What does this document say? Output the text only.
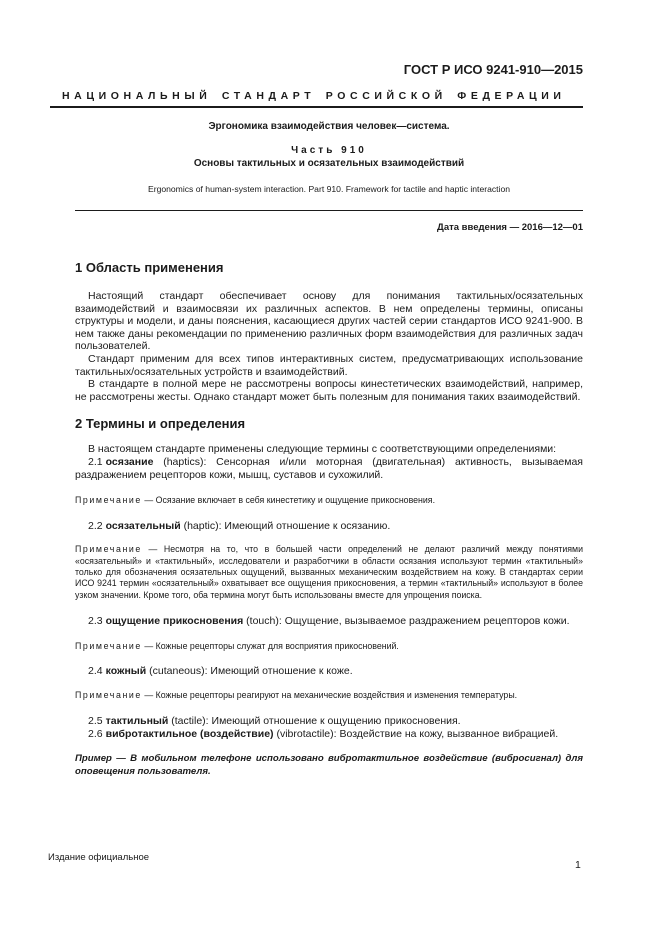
ГОСТ Р ИСО 9241-910—2015
НАЦИОНАЛЬНЫЙ СТАНДАРТ РОССИЙСКОЙ ФЕДЕРАЦИИ
Эргономика взаимодействия человек—система.
Часть 910
Основы тактильных и осязательных взаимодействий
Ergonomics of human-system interaction. Part 910. Framework for tactile and haptic interaction
Дата введения — 2016—12—01
1 Область применения

Настоящий стандарт обеспечивает основу для понимания тактильных/осязательных взаимодействий и взаимосвязи их различных аспектов. В нем определены термины, описаны структуры и модели, и даны пояснения, касающиеся других частей серии стандартов ИСО 9241-900. В нем также даны рекомендации по применению различных форм взаимодействия для различных задач пользователей.

Стандарт применим для всех типов интерактивных систем, предусматривающих использование тактильных/осязательных устройств и взаимодействий.

В стандарте в полной мере не рассмотрены вопросы кинестетических взаимодействий, например, не рассмотрены жесты. Однако стандарт может быть полезным для понимания таких взаимодействий.

2 Термины и определения

В настоящем стандарте применены следующие термины с соответствующими определениями:

2.1 осязание (haptics): Сенсорная и/или моторная (двигательная) активность, вызываемая раздражением рецепторов кожи, мышц, суставов и сухожилий.

Примечание — Осязание включает в себя кинестетику и ощущение прикосновения.

2.2 осязательный (haptic): Имеющий отношение к осязанию.

Примечание — Несмотря на то, что в большей части определений не делают различий между понятиями «осязательный» и «тактильный», исследователи и разработчики в области осязания используют термин «тактильный» только для обозначения осязательных ощущений, вызванных механическим воздействием на кожу. В стандартах серии ИСО 9241 термин «осязательный» охватывает все ощущения прикосновения, а термин «тактильный» используют в более узком значении. Кроме того, оба термина могут быть использованы вместе для упрощения поиска.

2.3 ощущение прикосновения (touch): Ощущение, вызываемое раздражением рецепторов кожи.

Примечание — Кожные рецепторы служат для восприятия прикосновений.

2.4 кожный (cutaneous): Имеющий отношение к коже.

Примечание — Кожные рецепторы реагируют на механические воздействия и изменения температуры.

2.5 тактильный (tactile): Имеющий отношение к ощущению прикосновения.

2.6 вибротактильное (воздействие) (vibrotactile): Воздействие на кожу, вызванное вибрацией.

Пример — В мобильном телефоне использовано вибротактильное воздействие (вибросигнал) для оповещения пользователя.

Издание официальное
1
